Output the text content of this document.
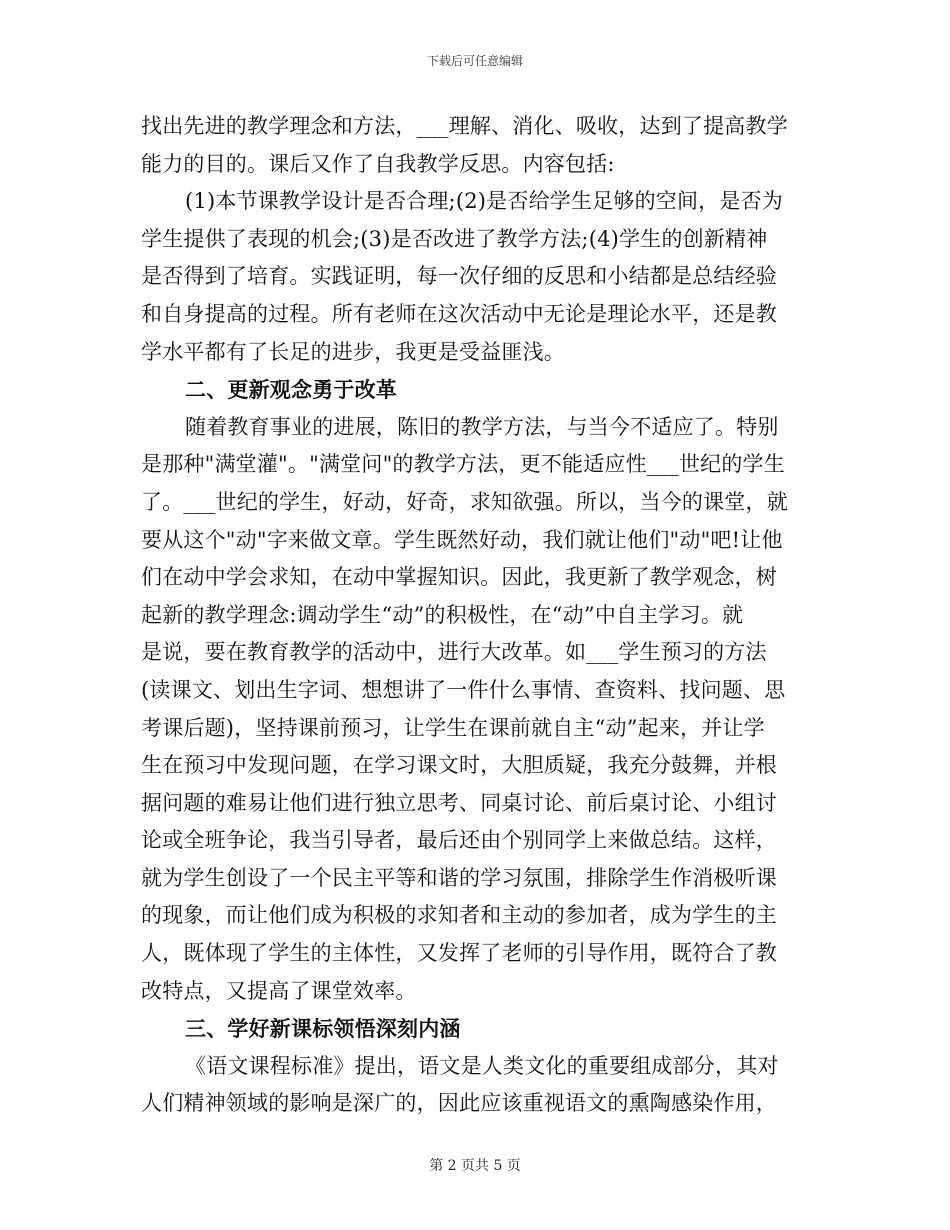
下载后可任意编辑
找出先进的教学理念和方法，___理解、消化、吸收，达到了提高教学
能力的目的。课后又作了自我教学反思。内容包括:
(1)本节课教学设计是否合理;(2)是否给学生足够的空间，是否为
学生提供了表现的机会;(3)是否改进了教学方法;(4)学生的创新精神
是否得到了培育。实践证明，每一次仔细的反思和小结都是总结经验
和自身提高的过程。所有老师在这次活动中无论是理论水平，还是教
学水平都有了长足的进步，我更是受益匪浅。
二、更新观念勇于改革
随着教育事业的进展，陈旧的教学方法，与当今不适应了。特别
是那种"满堂灌"。"满堂问"的教学方法，更不能适应性___世纪的学生
了。___世纪的学生，好动，好奇，求知欲强。所以，当今的课堂，就
要从这个"动"字来做文章。学生既然好动，我们就让他们"动"吧!让他
们在动中学会求知，在动中掌握知识。因此，我更新了教学观念，树
起新的教学理念:调动学生“动”的积极性，在“动”中自主学习。就
是说，要在教育教学的活动中，进行大改革。如___学生预习的方法
(读课文、划出生字词、想想讲了一件什么事情、查资料、找问题、思
考课后题)，坚持课前预习，让学生在课前就自主“动”起来，并让学
生在预习中发现问题，在学习课文时，大胆质疑，我充分鼓舞，并根
据问题的难易让他们进行独立思考、同桌讨论、前后桌讨论、小组讨
论或全班争论，我当引导者，最后还由个别同学上来做总结。这样，
就为学生创设了一个民主平等和谐的学习氛围，排除学生作消极听课
的现象，而让他们成为积极的求知者和主动的参加者，成为学生的主
人，既体现了学生的主体性，又发挥了老师的引导作用，既符合了教
改特点，又提高了课堂效率。
三、学好新课标领悟深刻内涵
《语文课程标准》提出，语文是人类文化的重要组成部分，其对
人们精神领域的影响是深广的，因此应该重视语文的熏陶感染作用，
第 2 页共 5 页
